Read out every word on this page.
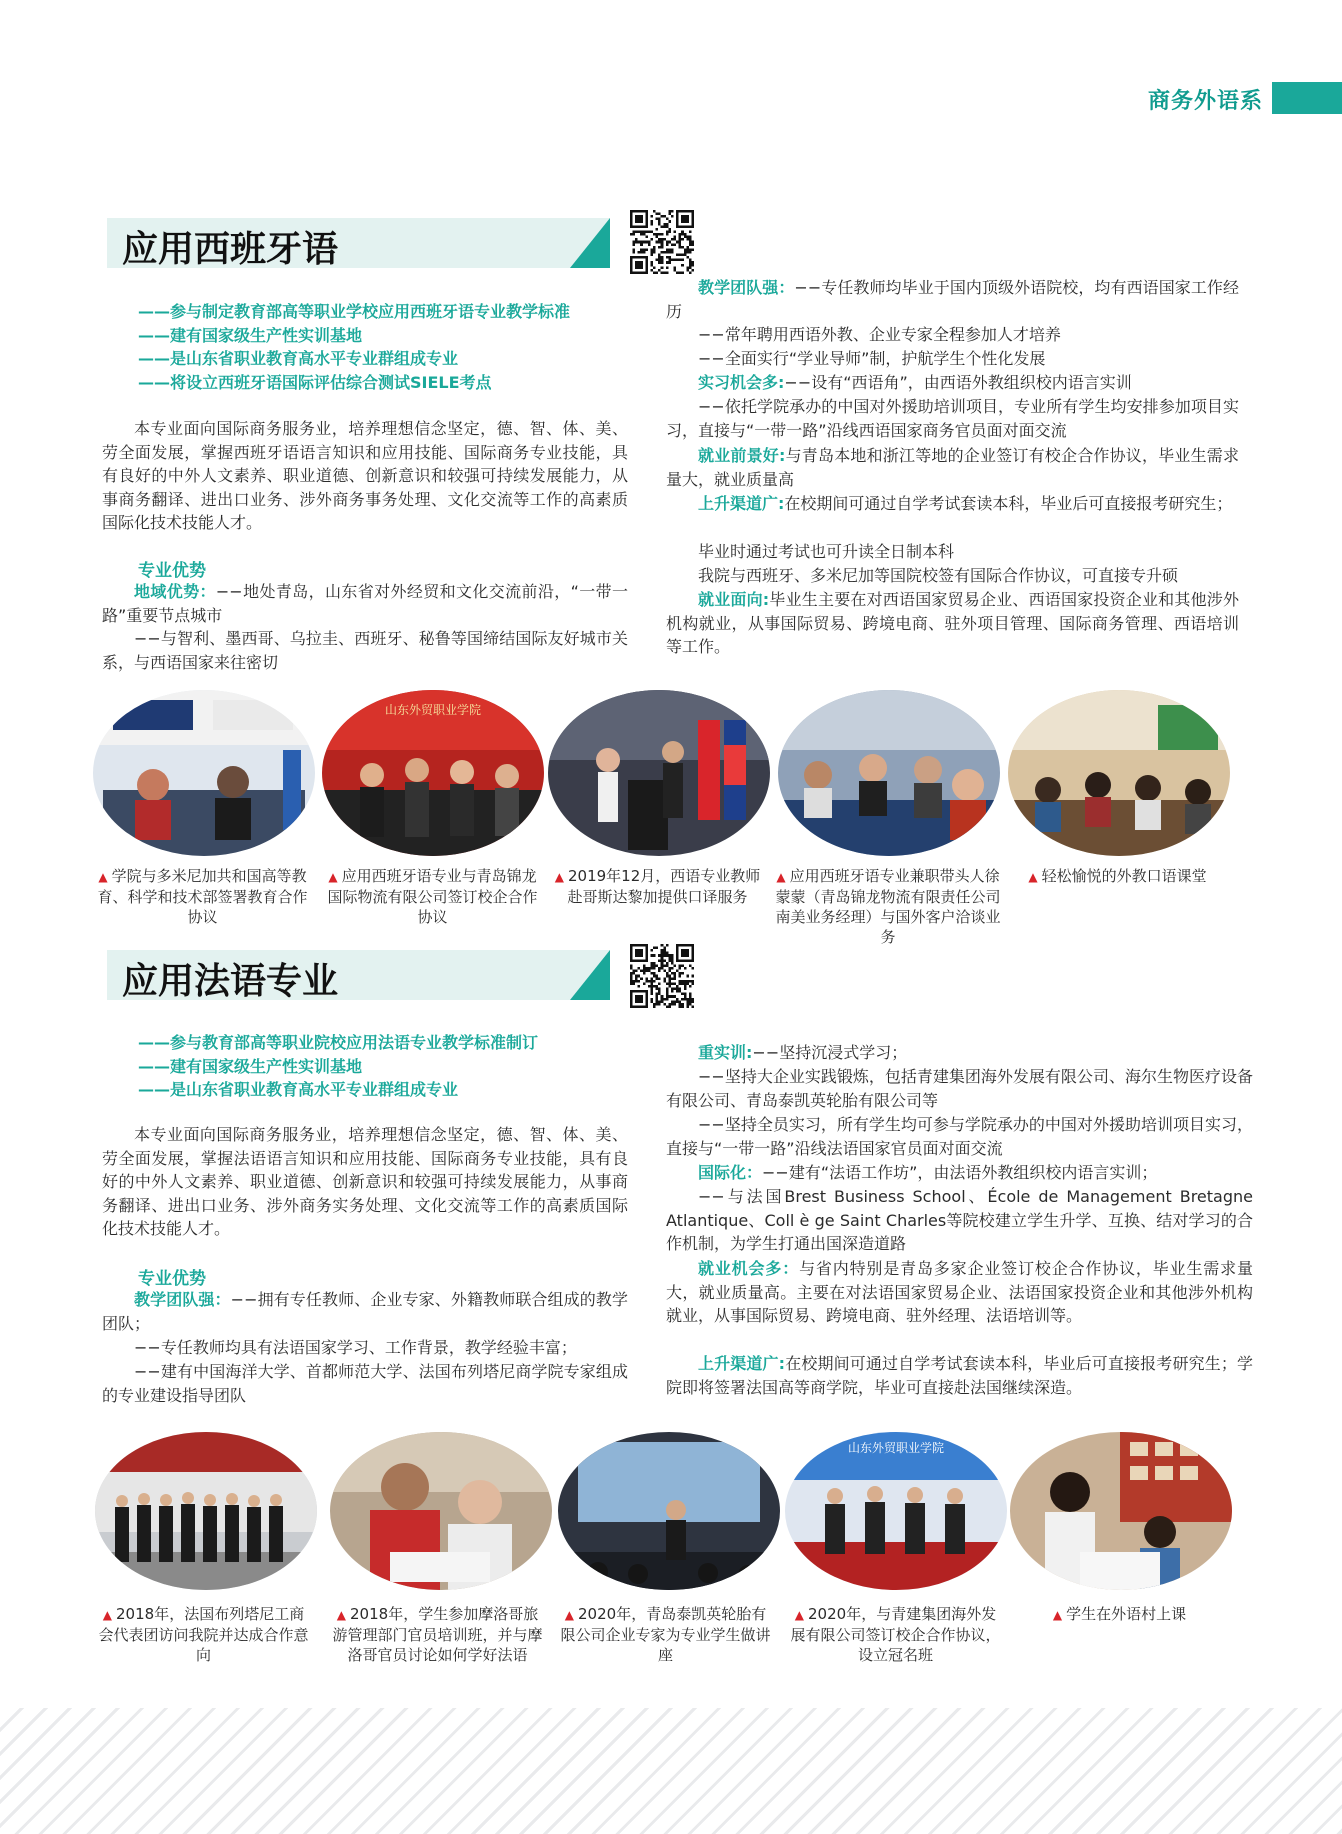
商务外语系
应用西班牙语
——参与制定教育部高等职业学校应用西班牙语专业教学标准
——建有国家级生产性实训基地
——是山东省职业教育高水平专业群组成专业
——将设立西班牙语国际评估综合测试SIELE考点

本专业面向国际商务服务业，培养理想信念坚定，德、智、体、美、劳全面发展，掌握西班牙语语言知识和应用技能、国际商务专业技能，具有良好的中外人文素养、职业道德、创新意识和较强可持续发展能力，从事商务翻译、进出口业务、涉外商务事务处理、文化交流等工作的高素质国际化技术技能人才。

专业优势

地域优势：−−地处青岛，山东省对外经贸和文化交流前沿，“一带一路”重要节点城市

−−与智利、墨西哥、乌拉圭、西班牙、秘鲁等国缔结国际友好城市关系，与西语国家来往密切

教学团队强：−−专任教师均毕业于国内顶级外语院校，均有西语国家工作经历

−−常年聘用西语外教、企业专家全程参加人才培养

−−全面实行“学业导师”制，护航学生个性化发展

实习机会多:−−设有“西语角”，由西语外教组织校内语言实训

−−依托学院承办的中国对外援助培训项目，专业所有学生均安排参加项目实习，直接与“一带一路”沿线西语国家商务官员面对面交流

就业前景好:与青岛本地和浙江等地的企业签订有校企合作协议，毕业生需求量大，就业质量高

上升渠道广:在校期间可通过自学考试套读本科，毕业后可直接报考研究生；

毕业时通过考试也可升读全日制本科

我院与西班牙、多米尼加等国院校签有国际合作协议，可直接专升硕

就业面向:毕业生主要在对西语国家贸易企业、西语国家投资企业和其他涉外机构就业，从事国际贸易、跨境电商、驻外项目管理、国际商务管理、西语培训等工作。

山东外贸职业学院
▲ 学院与多米尼加共和国高等教育、科学和技术部签署教育合作协议
▲ 应用西班牙语专业与青岛锦龙国际物流有限公司签订校企合作协议
▲ 2019年12月，西语专业教师赴哥斯达黎加提供口译服务
▲ 应用西班牙语专业兼职带头人徐蒙蒙（青岛锦龙物流有限责任公司南美业务经理）与国外客户洽谈业务
▲ 轻松愉悦的外教口语课堂
应用法语专业
——参与教育部高等职业院校应用法语专业教学标准制订
——建有国家级生产性实训基地
——是山东省职业教育高水平专业群组成专业

本专业面向国际商务服务业，培养理想信念坚定，德、智、体、美、劳全面发展，掌握法语语言知识和应用技能、国际商务专业技能，具有良好的中外人文素养、职业道德、创新意识和较强可持续发展能力，从事商务翻译、进出口业务、涉外商务实务处理、文化交流等工作的高素质国际化技术技能人才。

专业优势

教学团队强：−−拥有专任教师、企业专家、外籍教师联合组成的教学团队；

−−专任教师均具有法语国家学习、工作背景，教学经验丰富；

−−建有中国海洋大学、首都师范大学、法国布列塔尼商学院专家组成的专业建设指导团队

重实训:−−坚持沉浸式学习；

−−坚持大企业实践锻炼，包括青建集团海外发展有限公司、海尔生物医疗设备有限公司、青岛泰凯英轮胎有限公司等

−−坚持全员实习，所有学生均可参与学院承办的中国对外援助培训项目实习，直接与“一带一路”沿线法语国家官员面对面交流

国际化：−−建有“法语工作坊”，由法语外教组织校内语言实训；

−−与法国Brest Business School、École de Management Bretagne Atlantique、Coll è ge Saint Charles等院校建立学生升学、互换、结对学习的合作机制，为学生打通出国深造道路

就业机会多：与省内特别是青岛多家企业签订校企合作协议，毕业生需求量大，就业质量高。主要在对法语国家贸易企业、法语国家投资企业和其他涉外机构就业，从事国际贸易、跨境电商、驻外经理、法语培训等。

上升渠道广:在校期间可通过自学考试套读本科，毕业后可直接报考研究生；学院即将签署法国高等商学院，毕业可直接赴法国继续深造。

山东外贸职业学院
▲ 2018年，法国布列塔尼工商会代表团访问我院并达成合作意向
▲ 2018年，学生参加摩洛哥旅游管理部门官员培训班，并与摩洛哥官员讨论如何学好法语
▲ 2020年，青岛泰凯英轮胎有限公司企业专家为专业学生做讲座
▲ 2020年，与青建集团海外发展有限公司签订校企合作协议，设立冠名班
▲ 学生在外语村上课
